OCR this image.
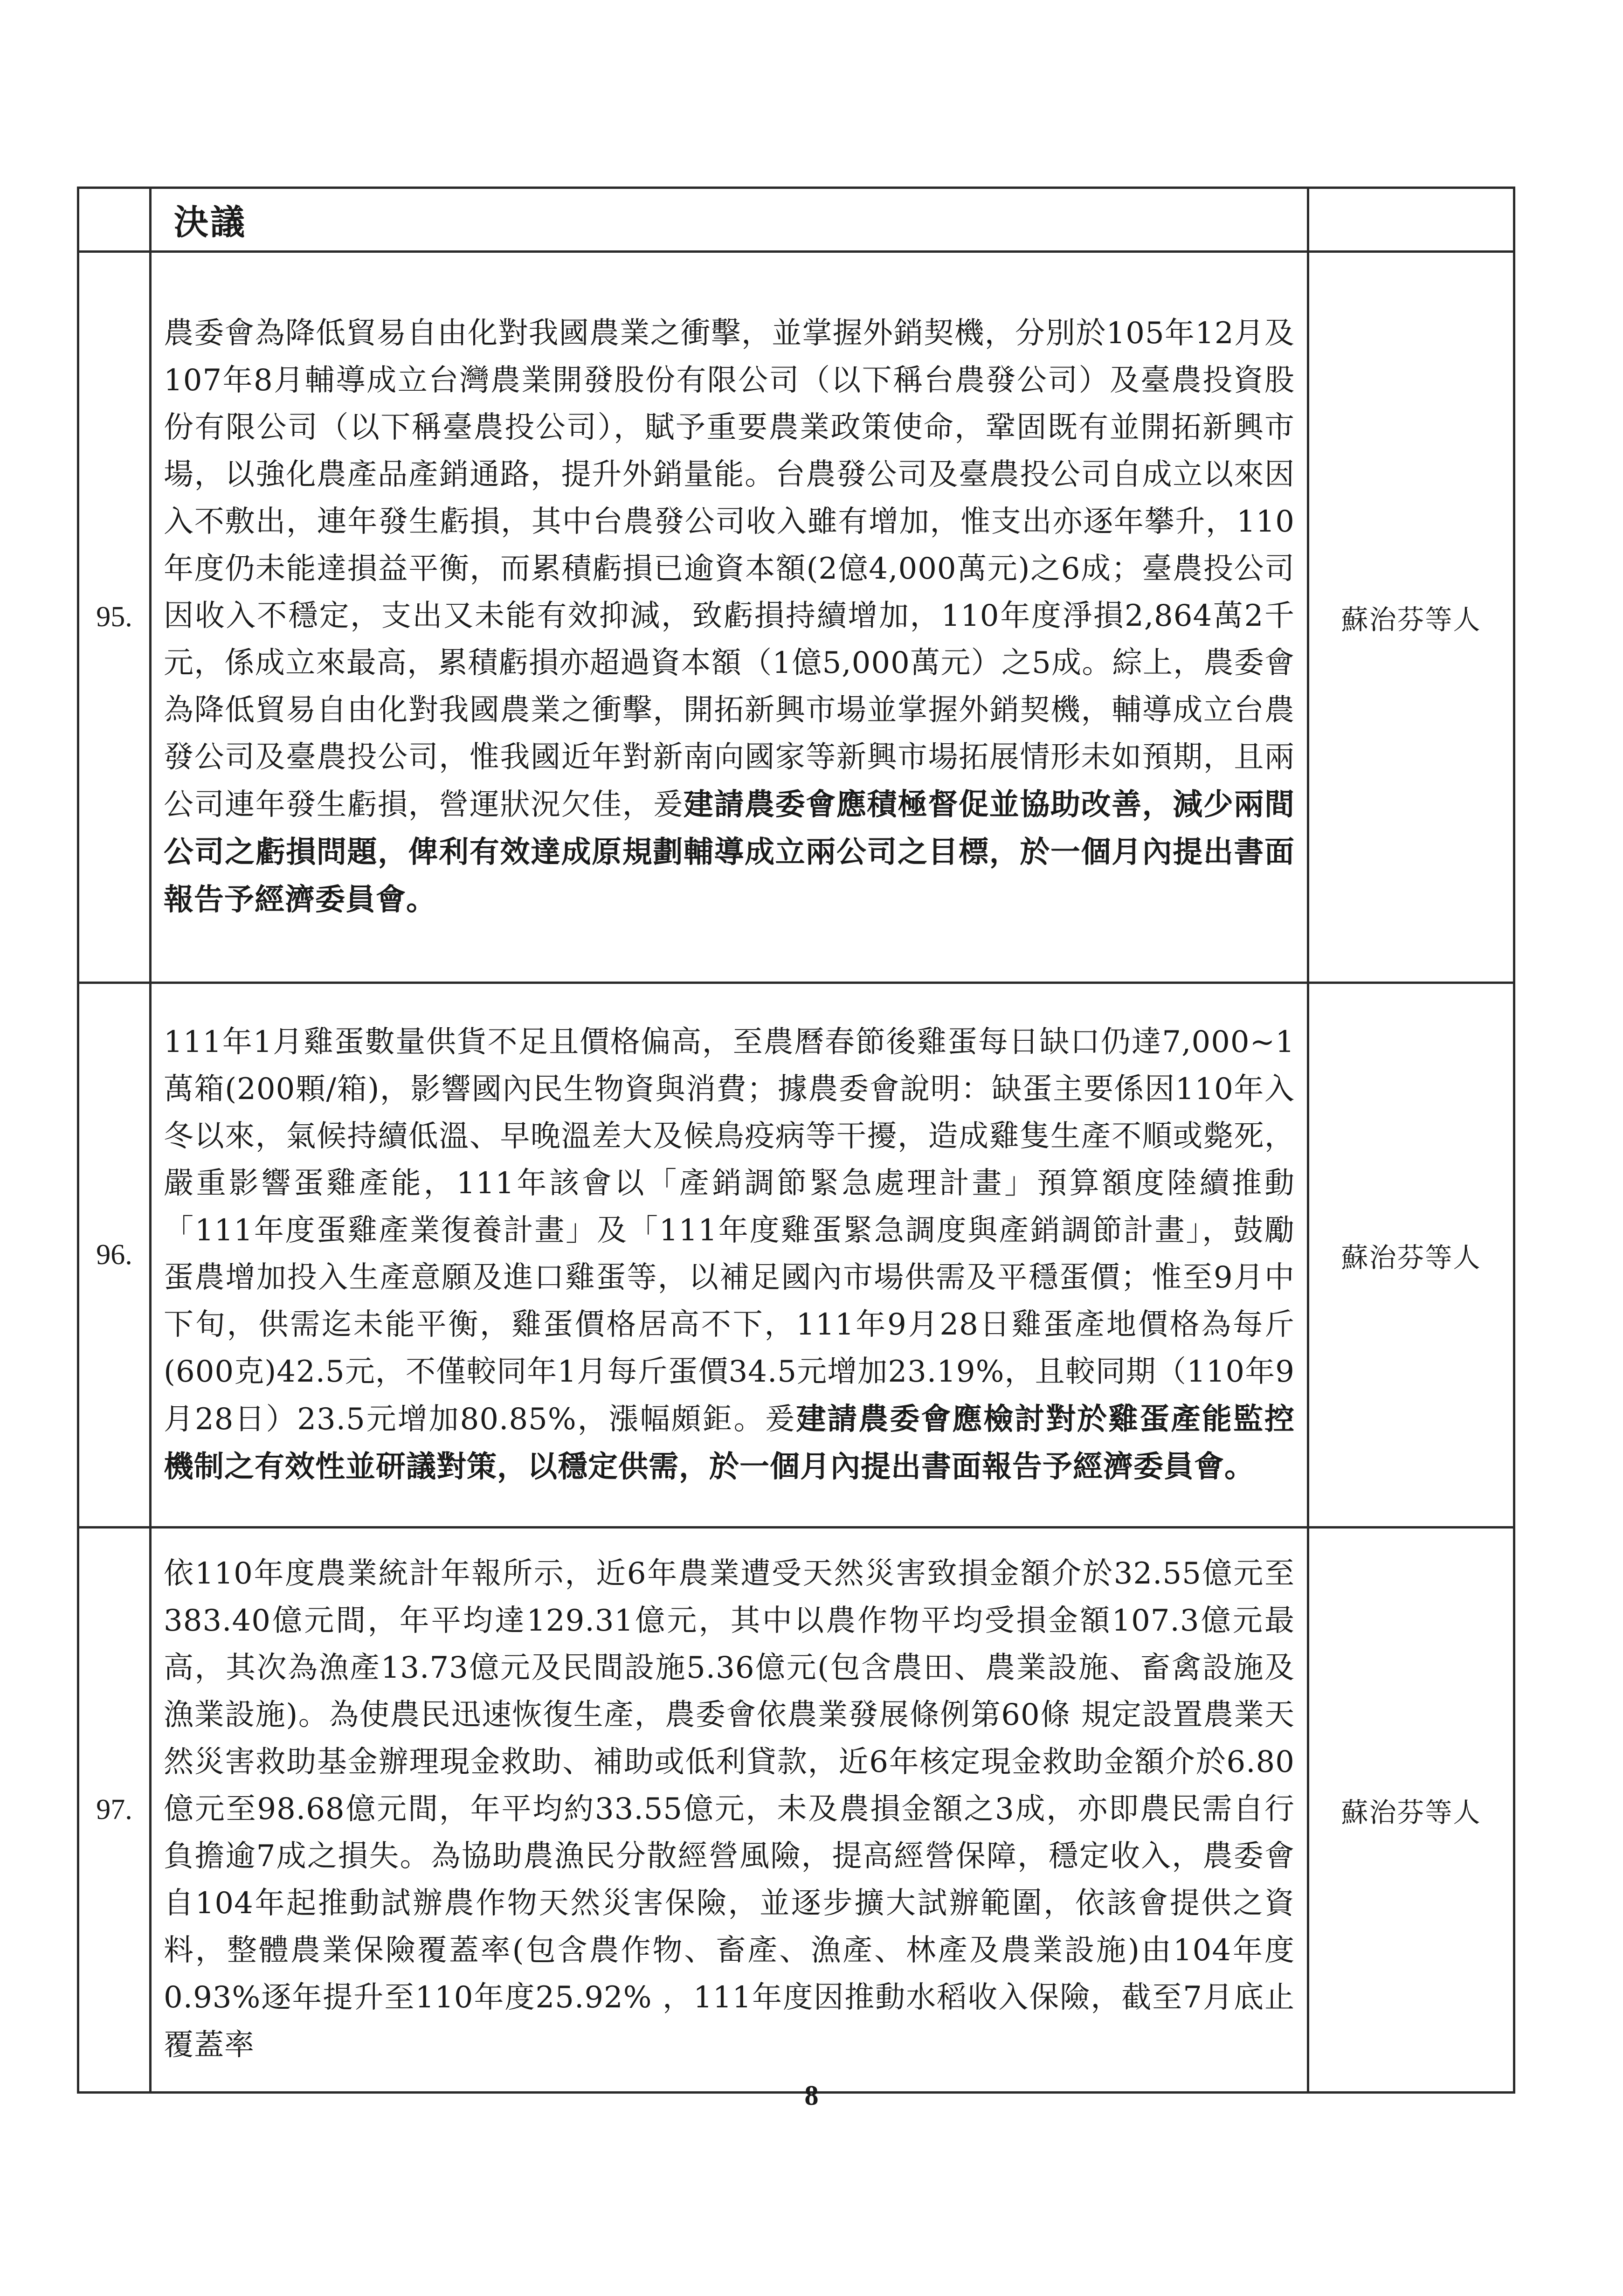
	決議	
95.	農委會為降低貿易自由化對我國農業之衝擊，並掌握外銷契機，分別於105年12月及107年8月輔導成立台灣農業開發股份有限公司（以下稱台農發公司）及臺農投資股份有限公司（以下稱臺農投公司），賦予重要農業政策使命，鞏固既有並開拓新興市場，以強化農產品產銷通路，提升外銷量能。台農發公司及臺農投公司自成立以來因入不敷出，連年發生虧損，其中台農發公司收入雖有增加，惟支出亦逐年攀升，110年度仍未能達損益平衡，而累積虧損已逾資本額(2億4,000萬元)之6成；臺農投公司因收入不穩定，支出又未能有效抑減，致虧損持續增加，110年度淨損2,864萬2千元，係成立來最高，累積虧損亦超過資本額（1億5,000萬元）之5成。綜上，農委會為降低貿易自由化對我國農業之衝擊，開拓新興市場並掌握外銷契機，輔導成立台農發公司及臺農投公司，惟我國近年對新南向國家等新興市場拓展情形未如預期，且兩公司連年發生虧損，營運狀況欠佳，爰建請農委會應積極督促並協助改善，減少兩間公司之虧損問題，俾利有效達成原規劃輔導成立兩公司之目標，於一個月內提出書面報告予經濟委員會。	蘇治芬等人
96.	111年1月雞蛋數量供貨不足且價格偏高，至農曆春節後雞蛋每日缺口仍達7,000~1萬箱(200顆/箱)，影響國內民生物資與消費；據農委會說明：缺蛋主要係因110年入冬以來，氣候持續低溫、早晚溫差大及候鳥疫病等干擾，造成雞隻生產不順或斃死，嚴重影響蛋雞產能，111年該會以「產銷調節緊急處理計畫」預算額度陸續推動「111年度蛋雞產業復養計畫」及「111年度雞蛋緊急調度與產銷調節計畫」，鼓勵蛋農增加投入生產意願及進口雞蛋等，以補足國內市場供需及平穩蛋價；惟至9月中下旬，供需迄未能平衡，雞蛋價格居高不下，111年9月28日雞蛋產地價格為每斤(600克)42.5元，不僅較同年1月每斤蛋價34.5元增加23.19%，且較同期（110年9月28日）23.5元增加80.85%，漲幅頗鉅。爰建請農委會應檢討對於雞蛋產能監控機制之有效性並研議對策，以穩定供需，於一個月內提出書面報告予經濟委員會。	蘇治芬等人
97.	依110年度農業統計年報所示，近6年農業遭受天然災害致損金額介於32.55億元至383.40億元間，年平均達129.31億元，其中以農作物平均受損金額107.3億元最高，其次為漁產13.73億元及民間設施5.36億元(包含農田、農業設施、畜禽設施及漁業設施)。為使農民迅速恢復生產，農委會依農業發展條例第60條 規定設置農業天然災害救助基金辦理現金救助、補助或低利貸款，近6年核定現金救助金額介於6.80億元至98.68億元間，年平均約33.55億元，未及農損金額之3成，亦即農民需自行負擔逾7成之損失。為協助農漁民分散經營風險，提高經營保障，穩定收入，農委會自104年起推動試辦農作物天然災害保險，並逐步擴大試辦範圍，依該會提供之資料，整體農業保險覆蓋率(包含農作物、畜產、漁產、林產及農業設施)由104年度0.93%逐年提升至110年度25.92% ，111年度因推動水稻收入保險，截至7月底止覆蓋率	蘇治芬等人
8
